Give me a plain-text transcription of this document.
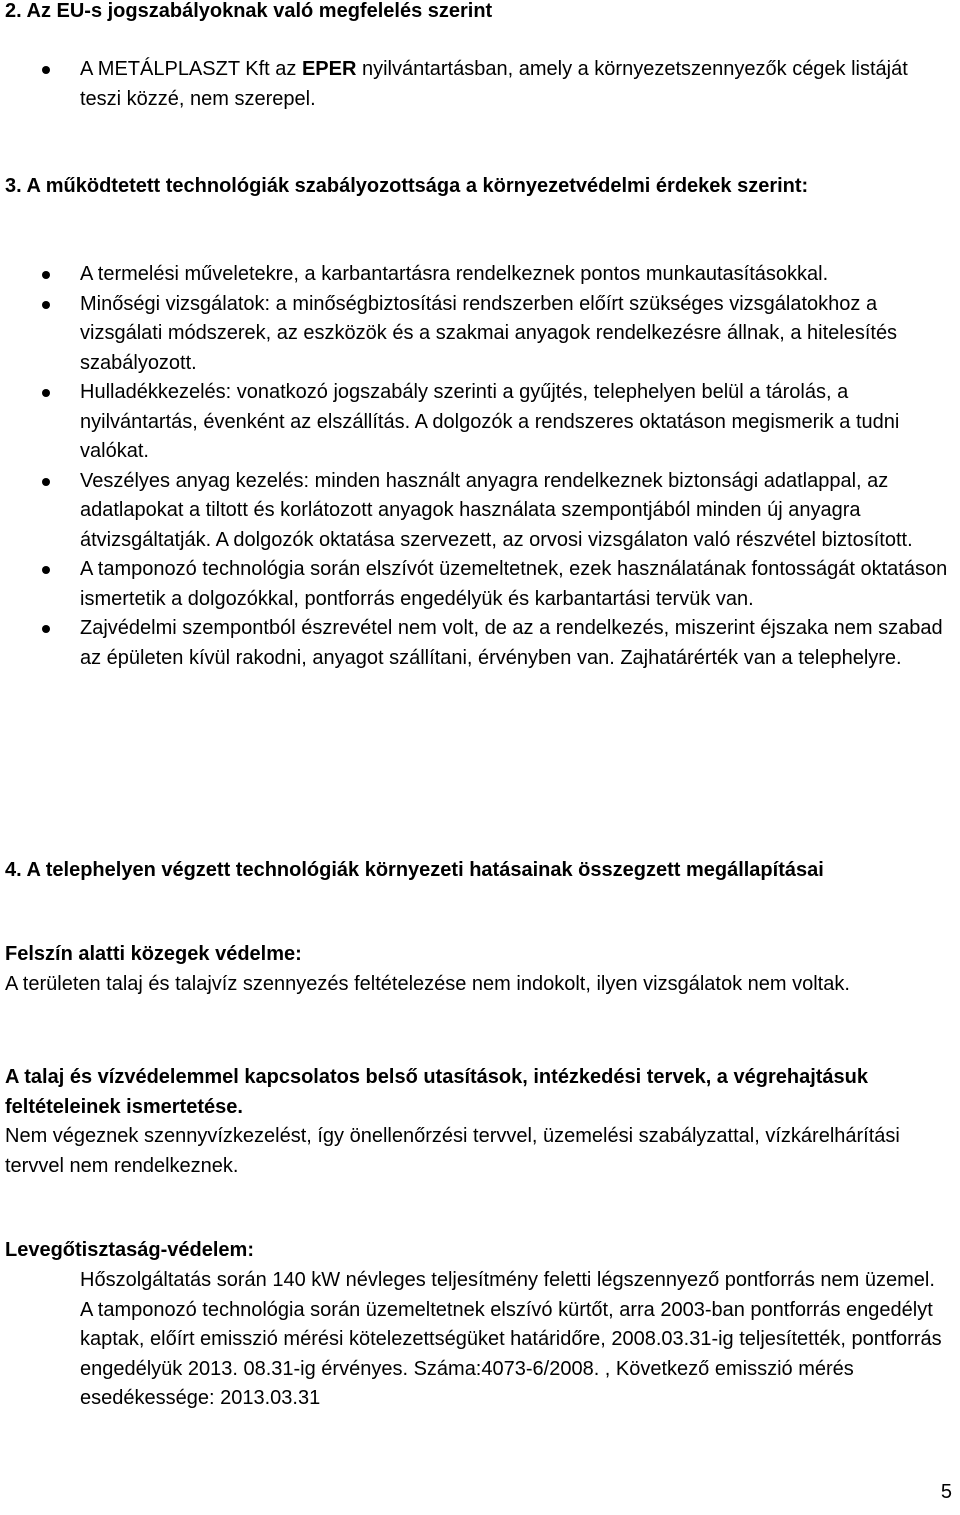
2. Az EU-s jogszabályoknak való megfelelés szerint
A METÁLPLASZT Kft az EPER nyilvántartásban, amely a környezetszennyezők cégek listáját teszi közzé, nem szerepel.
3. A működtetett technológiák szabályozottsága a környezetvédelmi érdekek szerint:
A termelési műveletekre, a karbantartásra rendelkeznek pontos munkautasításokkal.
Minőségi vizsgálatok: a minőségbiztosítási rendszerben előírt szükséges vizsgálatokhoz a vizsgálati módszerek, az eszközök és a szakmai anyagok rendelkezésre állnak, a hitelesítés szabályozott.
Hulladékkezelés: vonatkozó jogszabály szerinti a gyűjtés, telephelyen belül a tárolás, a nyilvántartás, évenként az elszállítás. A dolgozók a rendszeres oktatáson megismerik a tudni valókat.
Veszélyes anyag kezelés: minden használt anyagra rendelkeznek biztonsági adatlappal, az adatlapokat a tiltott és korlátozott anyagok használata szempontjából minden új anyagra átvizsgáltatják. A dolgozók oktatása szervezett, az orvosi vizsgálaton való részvétel biztosított.
A tamponozó technológia során elszívót üzemeltetnek, ezek használatának fontosságát oktatáson ismertetik a dolgozókkal, pontforrás engedélyük és karbantartási tervük van.
Zajvédelmi szempontból észrevétel nem volt, de az a rendelkezés, miszerint éjszaka nem szabad az épületen kívül rakodni, anyagot szállítani, érvényben van. Zajhatárérték van a telephelyre.
4. A telephelyen végzett technológiák környezeti hatásainak összegzett megállapításai

Felszín alatti közegek védelme:

A területen talaj és talajvíz szennyezés feltételezése nem indokolt, ilyen vizsgálatok nem voltak.

A talaj és vízvédelemmel kapcsolatos belső utasítások, intézkedési tervek, a végrehajtásuk feltételeinek ismertetése.

Nem végeznek szennyvízkezelést, így önellenőrzési tervvel, üzemelési szabályzattal, vízkárelhárítási tervvel nem rendelkeznek.

Levegőtisztaság-védelem:

Hőszolgáltatás során 140 kW névleges teljesítmény feletti légszennyező pontforrás nem üzemel. A tamponozó technológia során üzemeltetnek elszívó kürtőt, arra 2003-ban pontforrás engedélyt kaptak, előírt emisszió mérési kötelezettségüket határidőre, 2008.03.31-ig teljesítették, pontforrás engedélyük 2013. 08.31-ig érvényes. Száma:4073-6/2008. , Következő emisszió mérés esedékessége: 2013.03.31

5
